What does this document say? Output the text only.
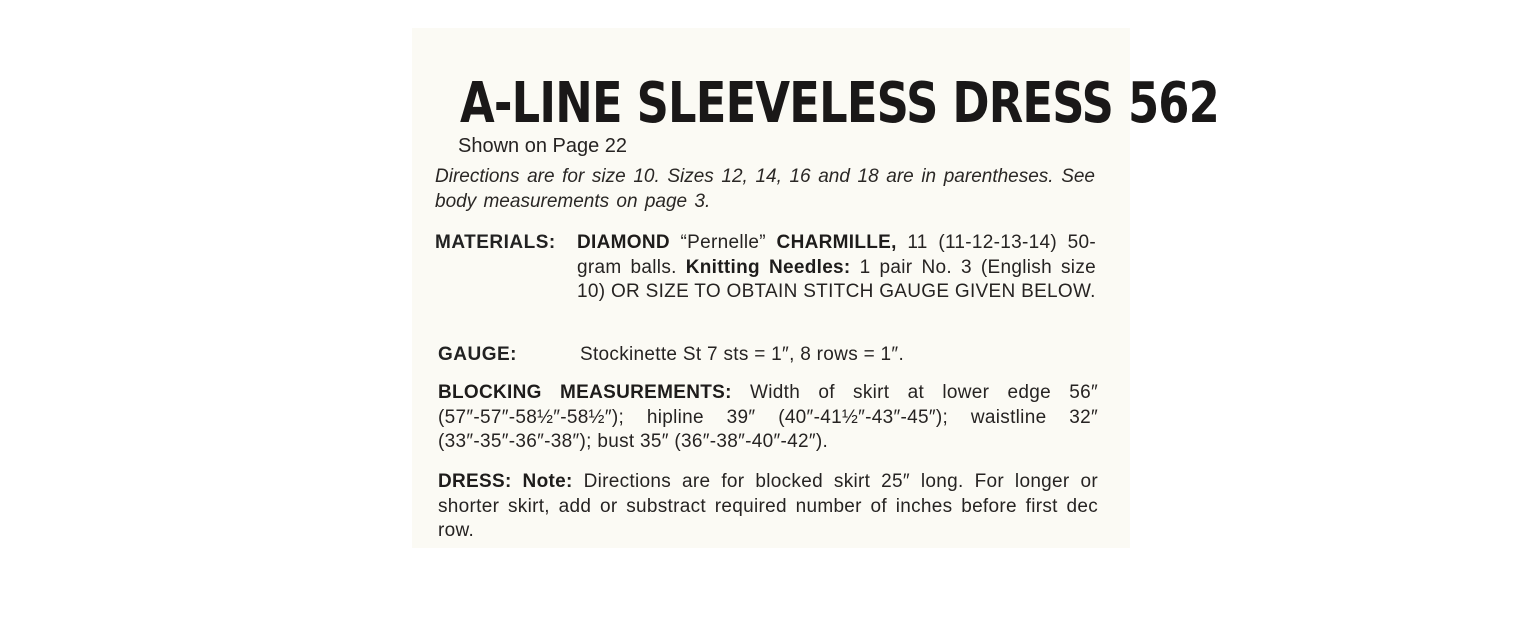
A-LINE SLEEVELESS DRESS 562
Shown on Page 22

Directions are for size 10. Sizes 12, 14, 16 and 18 are in parentheses. See body measurements on page 3.

MATERIALS: DIAMOND “Pernelle” CHARMILLE, 11 (11-12-13-14) 50-gram balls. Knitting Needles: 1 pair No. 3 (English size 10) OR SIZE TO OBTAIN STITCH GAUGE GIVEN BELOW.

GAUGE:	Stockinette St 7 sts = 1″, 8 rows = 1″.

BLOCKING MEASUREMENTS: Width of skirt at lower edge 56″ (57″-57″-58½″-58½″); hipline 39″ (40″-41½″-43″-45″); waistline 32″ (33″-35″-36″-38″); bust 35″ (36″-38″-40″-42″).

DRESS: Note: Directions are for blocked skirt 25″ long. For longer or shorter skirt, add or substract required number of inches before first dec row.
